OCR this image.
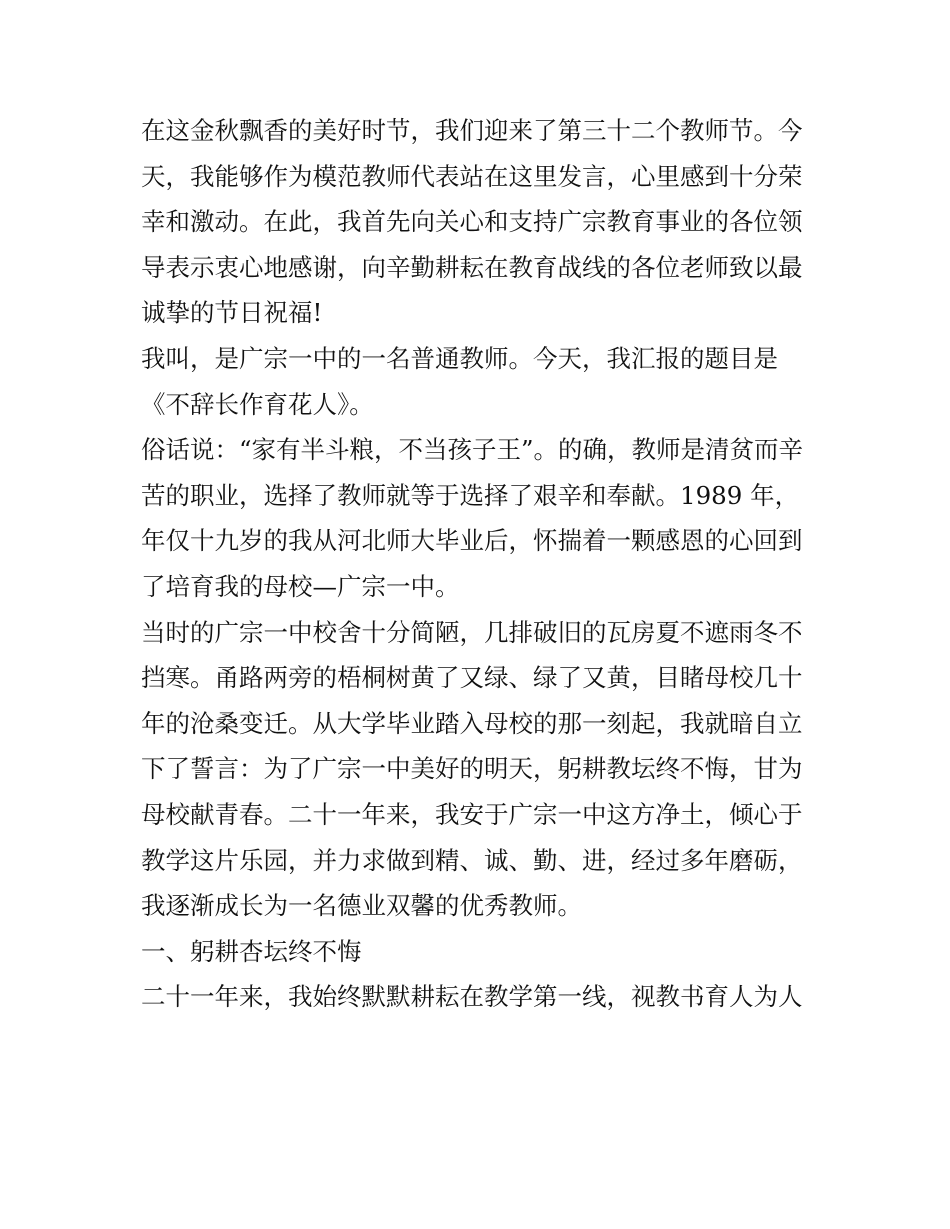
在这金秋飘香的美好时节，我们迎来了第三十二个教师节。今
天，我能够作为模范教师代表站在这里发言，心里感到十分荣
幸和激动。在此，我首先向关心和支持广宗教育事业的各位领
导表示衷心地感谢，向辛勤耕耘在教育战线的各位老师致以最
诚挚的节日祝福!
我叫，是广宗一中的一名普通教师。今天，我汇报的题目是
《不辞长作育花人》。
俗话说：“家有半斗粮，不当孩子王”。的确，教师是清贫而辛
苦的职业，选择了教师就等于选择了艰辛和奉献。1989 年，
年仅十九岁的我从河北师大毕业后，怀揣着一颗感恩的心回到
了培育我的母校—广宗一中。
当时的广宗一中校舍十分简陋，几排破旧的瓦房夏不遮雨冬不
挡寒。甬路两旁的梧桐树黄了又绿、绿了又黄，目睹母校几十
年的沧桑变迁。从大学毕业踏入母校的那一刻起，我就暗自立
下了誓言：为了广宗一中美好的明天，躬耕教坛终不悔，甘为
母校献青春。二十一年来，我安于广宗一中这方净土，倾心于
教学这片乐园，并力求做到精、诚、勤、进，经过多年磨砺，
我逐渐成长为一名德业双馨的优秀教师。
一、躬耕杏坛终不悔
二十一年来，我始终默默耕耘在教学第一线，视教书育人为人
